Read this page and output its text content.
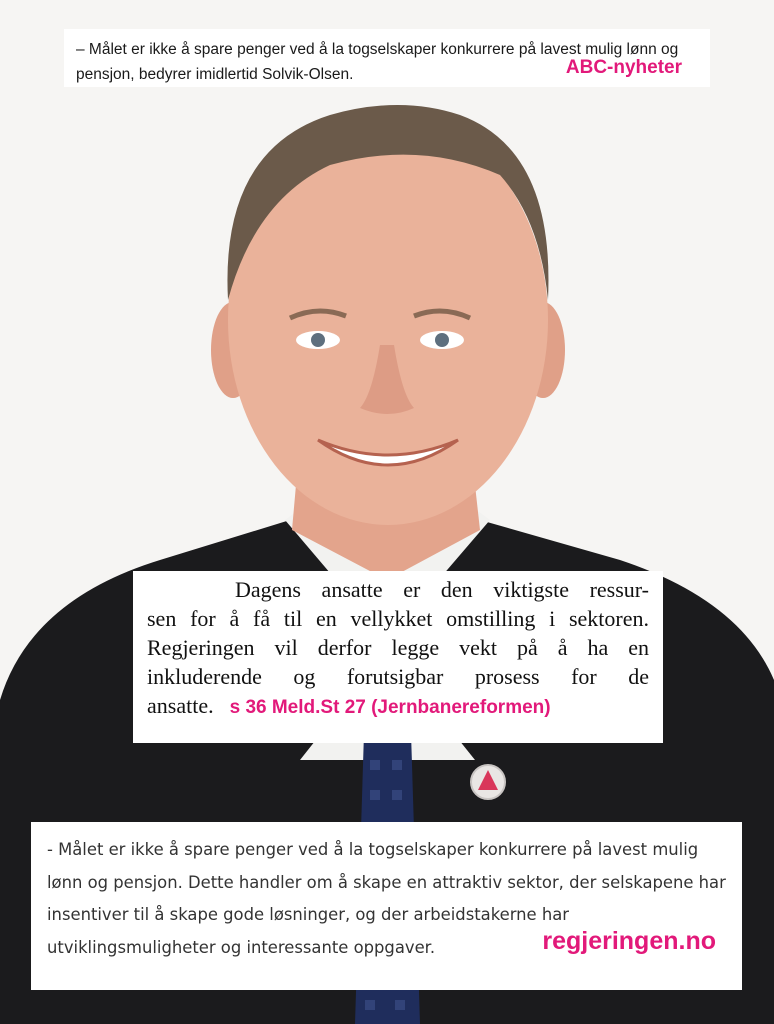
– Målet er ikke å spare penger ved å la togselskaper konkurrere på lavest mulig lønn og pensjon, bedyrer imidlertid Solvik-Olsen.	ABC-nyheter
Dagens ansatte er den viktigste ressur-
sen for å få til en vellykket omstilling i sektoren.
Regjeringen vil derfor legge vekt på å ha en
inkluderende og forutsigbar prosess for de
ansatte. s 36 Meld.St 27 (Jernbanereformen)
- Målet er ikke å spare penger ved å la togselskaper konkurrere på lavest mulig lønn og pensjon. Dette handler om å skape en attraktiv sektor, der selskapene har insentiver til å skape gode løsninger, og der arbeidstakerne har utviklingsmuligheter og interessante oppgaver.	regjeringen.no
